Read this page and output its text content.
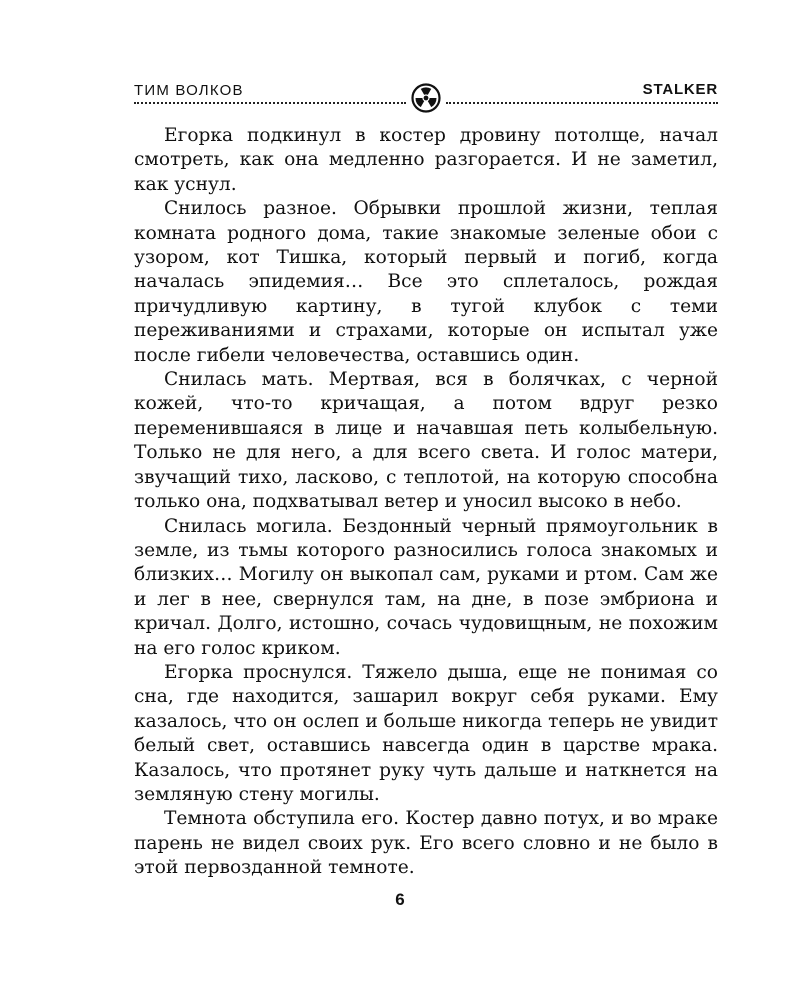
ТИМ ВОЛКОВ	STALKER

Егорка подкинул в костер дровину потолще, начал смотреть, как она медленно разгорается. И не заметил, как уснул.

Снилось разное. Обрывки прошлой жизни, теплая комната родного дома, такие знакомые зеленые обои с узором, кот Тишка, который первый и погиб, когда началась эпидемия… Все это сплеталось, рождая причудливую картину, в тугой клубок с теми переживаниями и страхами, которые он испытал уже после гибели человечества, оставшись один.

Снилась мать. Мертвая, вся в болячках, с черной кожей, что-то кричащая, а потом вдруг резко переменившаяся в лице и начавшая петь колыбельную. Только не для него, а для всего света. И голос матери, звучащий тихо, ласково, с теплотой, на которую способна только она, подхватывал ветер и уносил высоко в небо.

Снилась могила. Бездонный черный прямоугольник в земле, из тьмы которого разносились голоса знакомых и близких… Могилу он выкопал сам, руками и ртом. Сам же и лег в нее, свернулся там, на дне, в позе эмбриона и кричал. Долго, истошно, сочась чудовищным, не похожим на его голос криком.

Егорка проснулся. Тяжело дыша, еще не понимая со сна, где находится, зашарил вокруг себя руками. Ему казалось, что он ослеп и больше никогда теперь не увидит белый свет, оставшись навсегда один в царстве мрака. Казалось, что протянет руку чуть дальше и наткнется на земляную стену могилы.

Темнота обступила его. Костер давно потух, и во мраке парень не видел своих рук. Его всего словно и не было в этой первозданной темноте.

6
